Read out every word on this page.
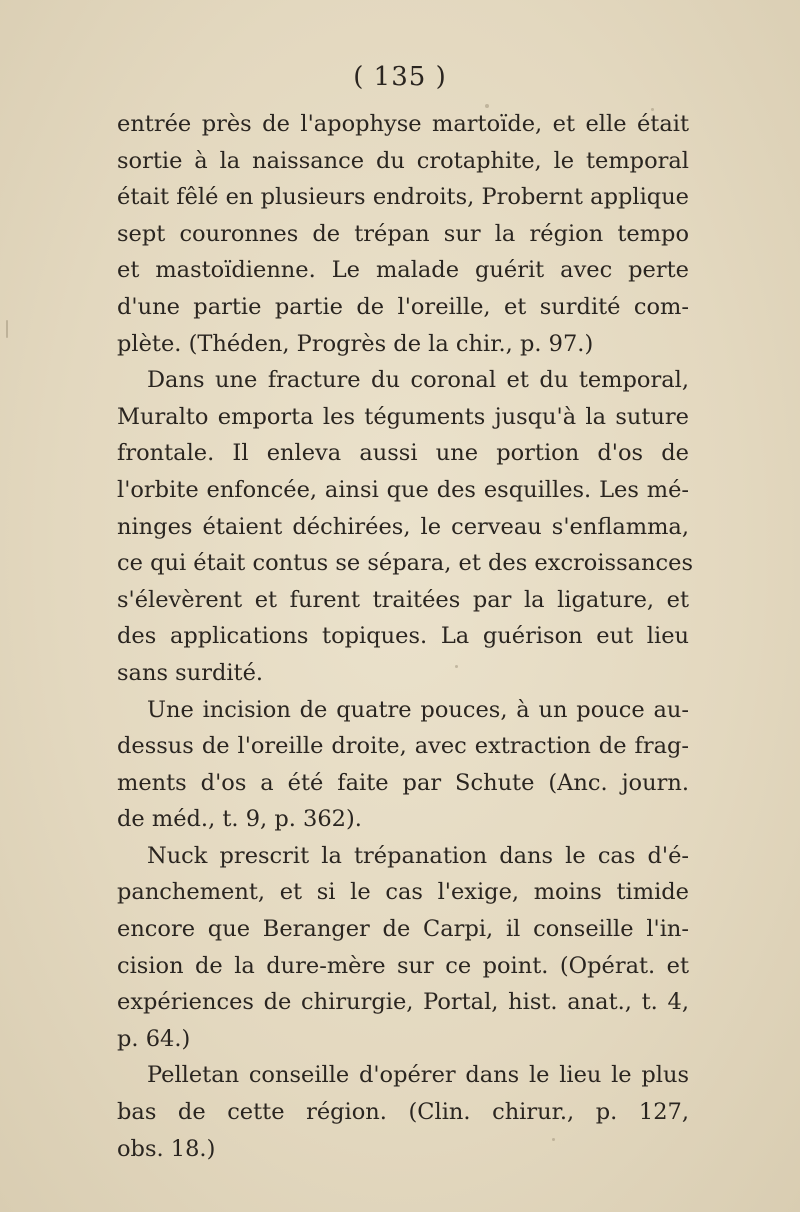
( 135 )
entrée près de l'apophyse martoïde, et elle était
sortie à la naissance du crotaphite, le temporal
était fêlé en plusieurs endroits, Probernt applique
sept couronnes de trépan sur la région tempo
et mastoïdienne. Le malade guérit avec perte
d'une partie partie de l'oreille, et surdité com-
plète. (Théden, Progrès de la chir., p. 97.)
Dans une fracture du coronal et du temporal,
Muralto emporta les téguments jusqu'à la suture
frontale. Il enleva aussi une portion d'os de
l'orbite enfoncée, ainsi que des esquilles. Les mé-
ninges étaient déchirées, le cerveau s'enflamma,
ce qui était contus se sépara, et des excroissances
s'élevèrent et furent traitées par la ligature, et
des applications topiques. La guérison eut lieu
sans surdité.
Une incision de quatre pouces, à un pouce au-
dessus de l'oreille droite, avec extraction de frag-
ments d'os a été faite par Schute (Anc. journ.
de méd., t. 9, p. 362).
Nuck prescrit la trépanation dans le cas d'é-
panchement, et si le cas l'exige, moins timide
encore que Beranger de Carpi, il conseille l'in-
cision de la dure-mère sur ce point. (Opérat. et
expériences de chirurgie, Portal, hist. anat., t. 4,
p. 64.)
Pelletan conseille d'opérer dans le lieu le plus
bas de cette région. (Clin. chirur., p. 127,
obs. 18.)
